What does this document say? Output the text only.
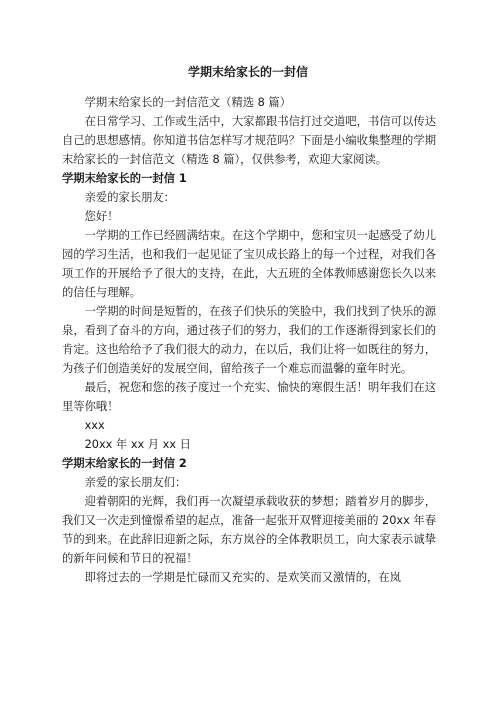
学期末给家长的一封信

学期末给家长的一封信范文（精选 8 篇）

在日常学习、工作或生活中，大家都跟书信打过交道吧，书信可以传达自己的思想感情。你知道书信怎样写才规范吗？下面是小编收集整理的学期末给家长的一封信范文（精选 8 篇），仅供参考，欢迎大家阅读。

学期末给家长的一封信 1

亲爱的家长朋友：

您好！

一学期的工作已经圆满结束。在这个学期中，您和宝贝一起感受了幼儿园的学习生活，也和我们一起见证了宝贝成长路上的每一个过程，对我们各项工作的开展给予了很大的支持，在此，大五班的全体教师感谢您长久以来的信任与理解。

一学期的时间是短暂的，在孩子们快乐的笑脸中，我们找到了快乐的源泉，看到了奋斗的方向，通过孩子们的努力，我们的工作逐渐得到家长们的肯定。这也给给予了我们很大的动力，在以后，我们让将一如既往的努力，为孩子们创造美好的发展空间，留给孩子一个难忘而温馨的童年时光。

最后，祝您和您的孩子度过一个充实、愉快的寒假生活！明年我们在这里等你哦！

xxx

20xx 年 xx 月 xx 日

学期末给家长的一封信 2

亲爱的家长朋友们：

迎着朝阳的光辉，我们再一次凝望承载收获的梦想；踏着岁月的脚步，我们又一次走到憧憬希望的起点，准备一起张开双臂迎接美丽的 20xx 年春节的到来。在此辞旧迎新之际，东方岚谷的全体教职员工，向大家表示诚挚的新年问候和节日的祝福！

即将过去的一学期是忙碌而又充实的、是欢笑而又激情的，在岚
